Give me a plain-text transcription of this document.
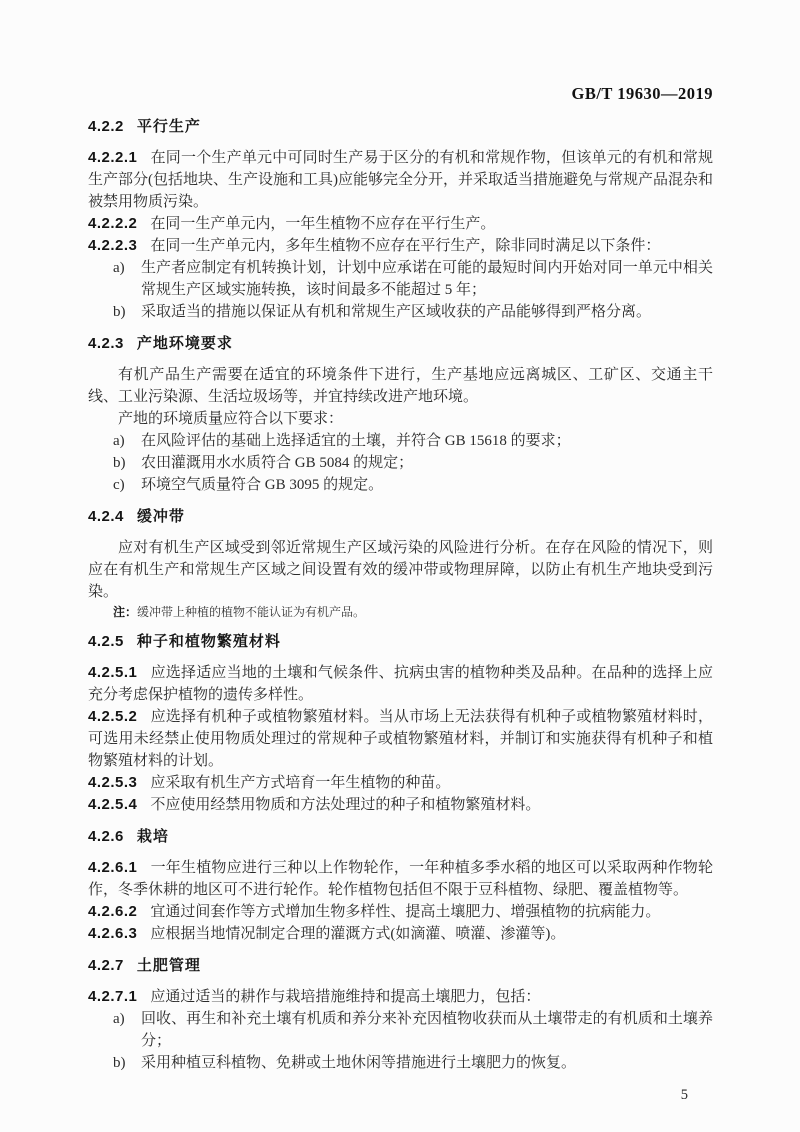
GB/T 19630—2019
4.2.2 平行生产

4.2.2.1 在同一个生产单元中可同时生产易于区分的有机和常规作物，但该单元的有机和常规生产部分(包括地块、生产设施和工具)应能够完全分开，并采取适当措施避免与常规产品混杂和被禁用物质污染。

4.2.2.2 在同一生产单元内，一年生植物不应存在平行生产。

4.2.2.3 在同一生产单元内，多年生植物不应存在平行生产，除非同时满足以下条件：

a)	生产者应制定有机转换计划，计划中应承诺在可能的最短时间内开始对同一单元中相关常规生产区域实施转换，该时间最多不能超过 5 年；
b)	采取适当的措施以保证从有机和常规生产区域收获的产品能够得到严格分离。
4.2.3 产地环境要求

有机产品生产需要在适宜的环境条件下进行，生产基地应远离城区、工矿区、交通主干线、工业污染源、生活垃圾场等，并宜持续改进产地环境。

产地的环境质量应符合以下要求：

a)	在风险评估的基础上选择适宜的土壤，并符合 GB 15618 的要求；
b)	农田灌溉用水水质符合 GB 5084 的规定；
c)	环境空气质量符合 GB 3095 的规定。
4.2.4 缓冲带

应对有机生产区域受到邻近常规生产区域污染的风险进行分析。在存在风险的情况下，则应在有机生产和常规生产区域之间设置有效的缓冲带或物理屏障，以防止有机生产地块受到污染。

注：缓冲带上种植的植物不能认证为有机产品。

4.2.5 种子和植物繁殖材料

4.2.5.1 应选择适应当地的土壤和气候条件、抗病虫害的植物种类及品种。在品种的选择上应充分考虑保护植物的遗传多样性。

4.2.5.2 应选择有机种子或植物繁殖材料。当从市场上无法获得有机种子或植物繁殖材料时，可选用未经禁止使用物质处理过的常规种子或植物繁殖材料，并制订和实施获得有机种子和植物繁殖材料的计划。

4.2.5.3 应采取有机生产方式培育一年生植物的种苗。

4.2.5.4 不应使用经禁用物质和方法处理过的种子和植物繁殖材料。

4.2.6 栽培

4.2.6.1 一年生植物应进行三种以上作物轮作，一年种植多季水稻的地区可以采取两种作物轮作，冬季休耕的地区可不进行轮作。轮作植物包括但不限于豆科植物、绿肥、覆盖植物等。

4.2.6.2 宜通过间套作等方式增加生物多样性、提高土壤肥力、增强植物的抗病能力。

4.2.6.3 应根据当地情况制定合理的灌溉方式(如滴灌、喷灌、渗灌等)。

4.2.7 土肥管理

4.2.7.1 应通过适当的耕作与栽培措施维持和提高土壤肥力，包括：

a)	回收、再生和补充土壤有机质和养分来补充因植物收获而从土壤带走的有机质和土壤养分；
b)	采用种植豆科植物、免耕或土地休闲等措施进行土壤肥力的恢复。
5
